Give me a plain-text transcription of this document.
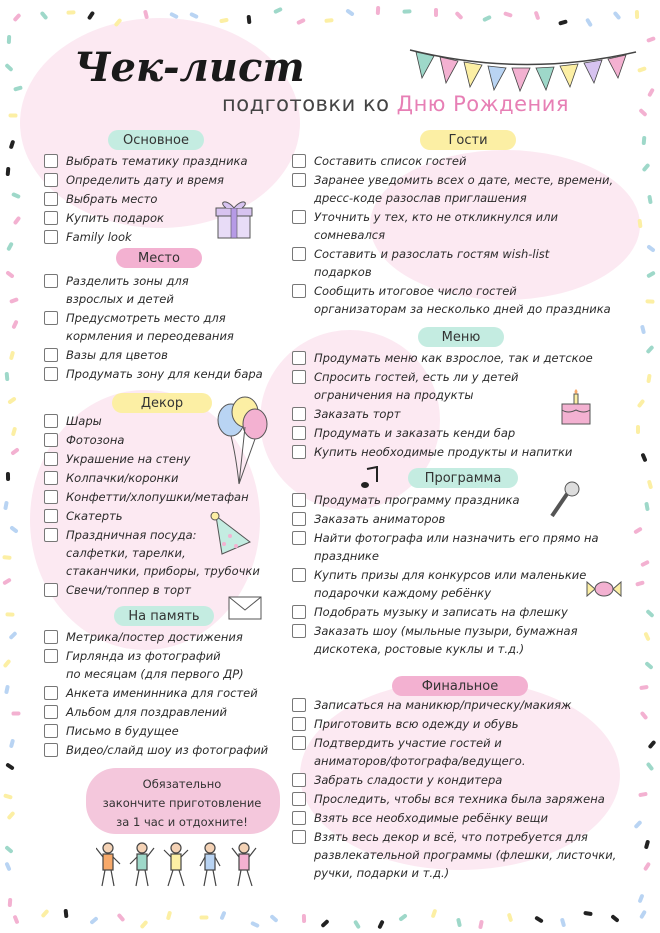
Чек-лист
подготовки ко Дню Рождения
Основное
Место
Декор
На память
Гости
Меню
Программа
Финальное
Выбрать тематику праздника
Определить дату и время
Выбрать место
Купить подарок
Family look
Разделить зоны для
взрослых и детей
Предусмотреть место для
кормления и переодевания
Вазы для цветов
Продумать зону для кенди бара
Шары
Фотозона
Украшение на стену
Колпачки/коронки
Конфетти/хлопушки/метафан
Скатерть
Праздничная посуда:
салфетки, тарелки,
стаканчики, приборы, трубочки
Свечи/топпер в торт
Метрика/постер достижения
Гирлянда из фотографий
по месяцам (для первого ДР)
Анкета именинника для гостей
Альбом для поздравлений
Письмо в будущее
Видео/слайд шоу из фотографий
Составить список гостей
Заранее уведомить всех о дате, месте, времени,
дресс-коде разослав приглашения
Уточнить у тех, кто не откликнулся или
сомневался
Составить и разослать гостям wish-list
подарков
Сообщить итоговое число гостей
организаторам за несколько дней до праздника
Продумать меню как взрослое, так и детское
Спросить гостей, есть ли у детей
ограничения на продукты
Заказать торт
Продумать и заказать кенди бар
Купить необходимые продукты и напитки
Продумать программу праздника
Заказать аниматоров
Найти фотографа или назначить его прямо на
празднике
Купить призы для конкурсов или маленькие
подарочки каждому ребёнку
Подобрать музыку и записать на флешку
Заказать шоу (мыльные пузыри, бумажная
дискотека, ростовые куклы и т.д.)
Записаться на маникюр/прическу/макияж
Приготовить всю одежду и обувь
Подтвердить участие гостей и
аниматоров/фотографа/ведущего.
Забрать сладости у кондитера
Проследить, чтобы вся техника была заряжена
Взять все необходимые ребёнку вещи
Взять весь декор и всё, что потребуется для
развлекательной программы (флешки, листочки,
ручки, подарки и т.д.)
Обязательно
закончите приготовление
за 1 час и отдохните!
